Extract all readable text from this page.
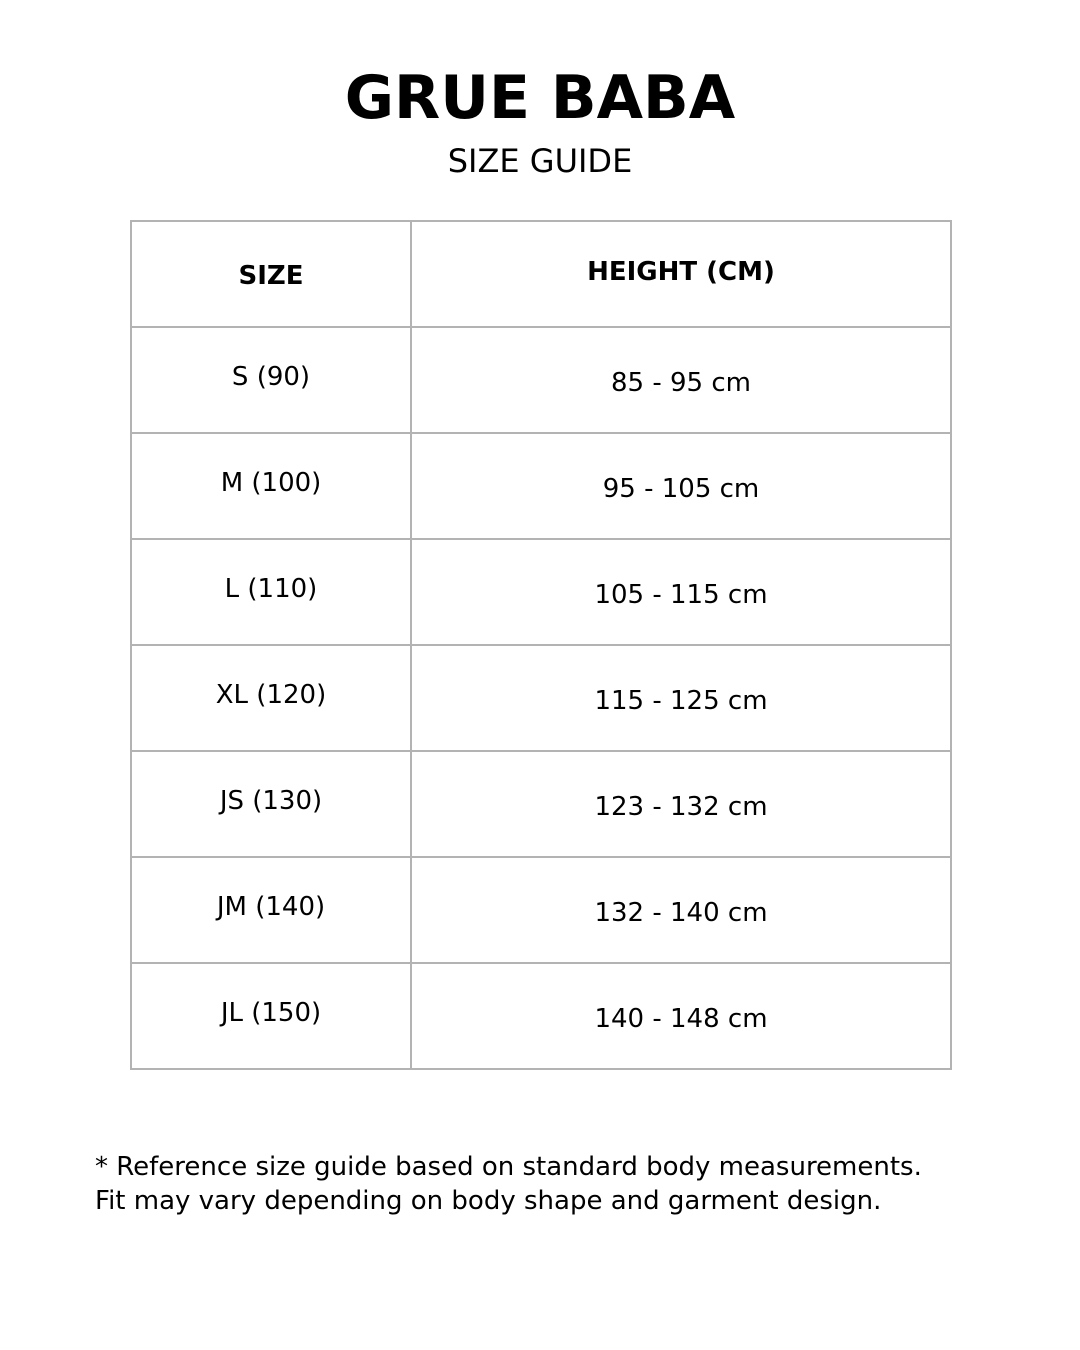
GRUE BABA
SIZE GUIDE
SIZE	HEIGHT (CM)

S (90)	85 - 95 cm

M (100)	95 - 105 cm

L (110)	105 - 115 cm

XL (120)	115 - 125 cm

JS (130)	123 - 132 cm

JM (140)	132 - 140 cm

JL (150)	140 - 148 cm
* Reference size guide based on standard body measurements.
Fit may vary depending on body shape and garment design.
